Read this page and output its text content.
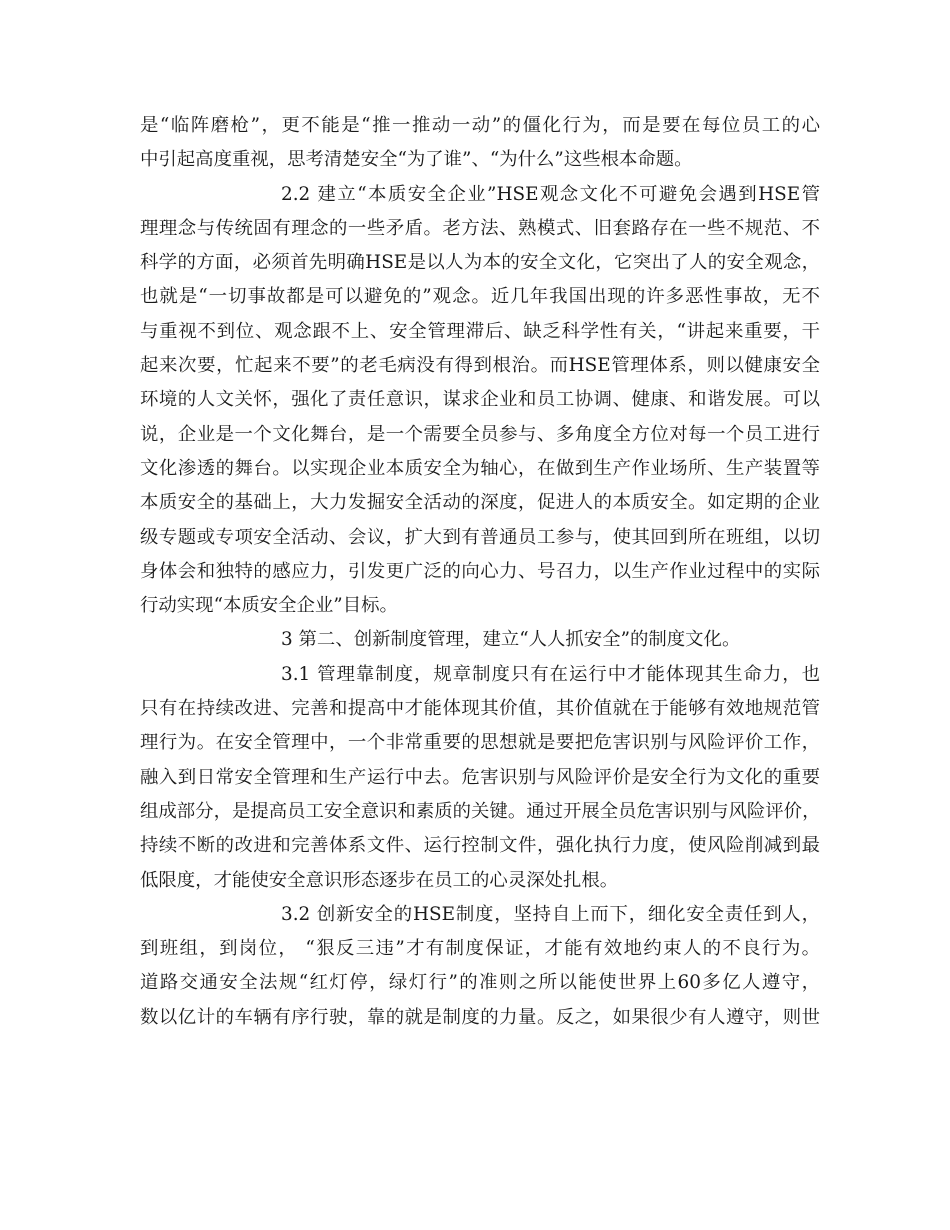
是“临阵磨枪”，更不能是“推一推动一动”的僵化行为，而是要在每位员工的心
中引起高度重视，思考清楚安全“为了谁”、“为什么”这些根本命题。
2.2 建立“本质安全企业”HSE观念文化不可避免会遇到HSE管
理理念与传统固有理念的一些矛盾。老方法、熟模式、旧套路存在一些不规范、不
科学的方面，必须首先明确HSE是以人为本的安全文化，它突出了人的安全观念，
也就是“一切事故都是可以避免的”观念。近几年我国出现的许多恶性事故，无不
与重视不到位、观念跟不上、安全管理滞后、缺乏科学性有关，“讲起来重要，干
起来次要，忙起来不要”的老毛病没有得到根治。而HSE管理体系，则以健康安全
环境的人文关怀，强化了责任意识，谋求企业和员工协调、健康、和谐发展。可以
说，企业是一个文化舞台，是一个需要全员参与、多角度全方位对每一个员工进行
文化渗透的舞台。以实现企业本质安全为轴心，在做到生产作业场所、生产装置等
本质安全的基础上，大力发掘安全活动的深度，促进人的本质安全。如定期的企业
级专题或专项安全活动、会议，扩大到有普通员工参与，使其回到所在班组，以切
身体会和独特的感应力，引发更广泛的向心力、号召力，以生产作业过程中的实际
行动实现“本质安全企业”目标。
3 第二、创新制度管理，建立“人人抓安全”的制度文化。
3.1 管理靠制度，规章制度只有在运行中才能体现其生命力，也
只有在持续改进、完善和提高中才能体现其价值，其价值就在于能够有效地规范管
理行为。在安全管理中，一个非常重要的思想就是要把危害识别与风险评价工作，
融入到日常安全管理和生产运行中去。危害识别与风险评价是安全行为文化的重要
组成部分，是提高员工安全意识和素质的关键。通过开展全员危害识别与风险评价，
持续不断的改进和完善体系文件、运行控制文件，强化执行力度，使风险削减到最
低限度，才能使安全意识形态逐步在员工的心灵深处扎根。
3.2 创新安全的HSE制度，坚持自上而下，细化安全责任到人，
到班组，到岗位， “狠反三违”才有制度保证，才能有效地约束人的不良行为。
道路交通安全法规“红灯停，绿灯行”的准则之所以能使世界上60多亿人遵守，
数以亿计的车辆有序行驶，靠的就是制度的力量。反之，如果很少有人遵守，则世
